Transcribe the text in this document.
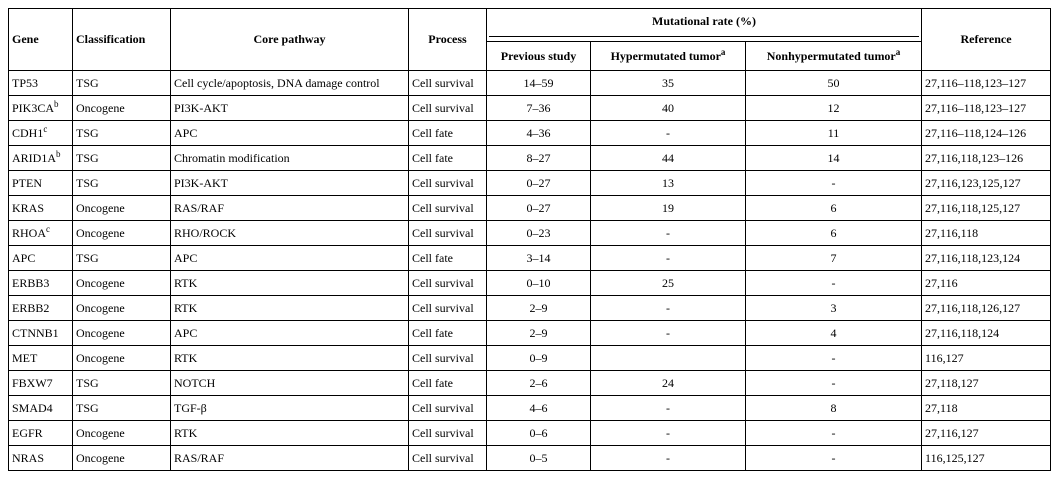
Gene	Classification	Core pathway	Process	Mutational rate (%)			Reference
				Previous study	Hypermutated tumor$^a$	Nonhypermutated tumor$^a$
TP53	TSG	Cell cycle/apoptosis, DNA damage control	Cell survival	14–59	35	50	27,116–118,123–127
$PIK3CA^b$	Oncogene	PI3K-AKT	Cell survival	7–36	40	12	27,116–118,123–127
CDH1$^c$	TSG	APC	Cell fate	4–36	-	11	27,116–118,124–126
$ARID1A^b$	TSG	Chromatin modification	Cell fate	8–27	44	14	27,116,118,123–126
PTEN	TSG	PI3K-AKT	Cell survival	0–27	13	-	27,116,123,125,127
KRAS	Oncogene	RAS/RAF	Cell survival	0–27	19	6	27,116,118,125,127
RHOA$^c$	Oncogene	RHO/ROCK	Cell survival	0–23	-	6	27,116,118
APC	TSG	APC	Cell fate	3–14	-	7	27,116,118,123,124
ERBB3	Oncogene	RTK	Cell survival	0–10	25	-	27,116
ERBB2	Oncogene	RTK	Cell survival	2–9	-	3	27,116,118,126,127
CTNNB1	Oncogene	APC	Cell fate	2–9	-	4	27,116,118,124
MET	Oncogene	RTK	Cell survival	0–9		-	116,127
FBXW7	TSG	NOTCH	Cell fate	2–6	24	-	27,118,127
SMAD4	TSG	TGF-β	Cell survival	4–6	-	8	27,118
EGFR	Oncogene	RTK	Cell survival	0–6	-	-	27,116,127
NRAS	Oncogene	RAS/RAF	Cell survival	0–5	-	-	116,125,127
